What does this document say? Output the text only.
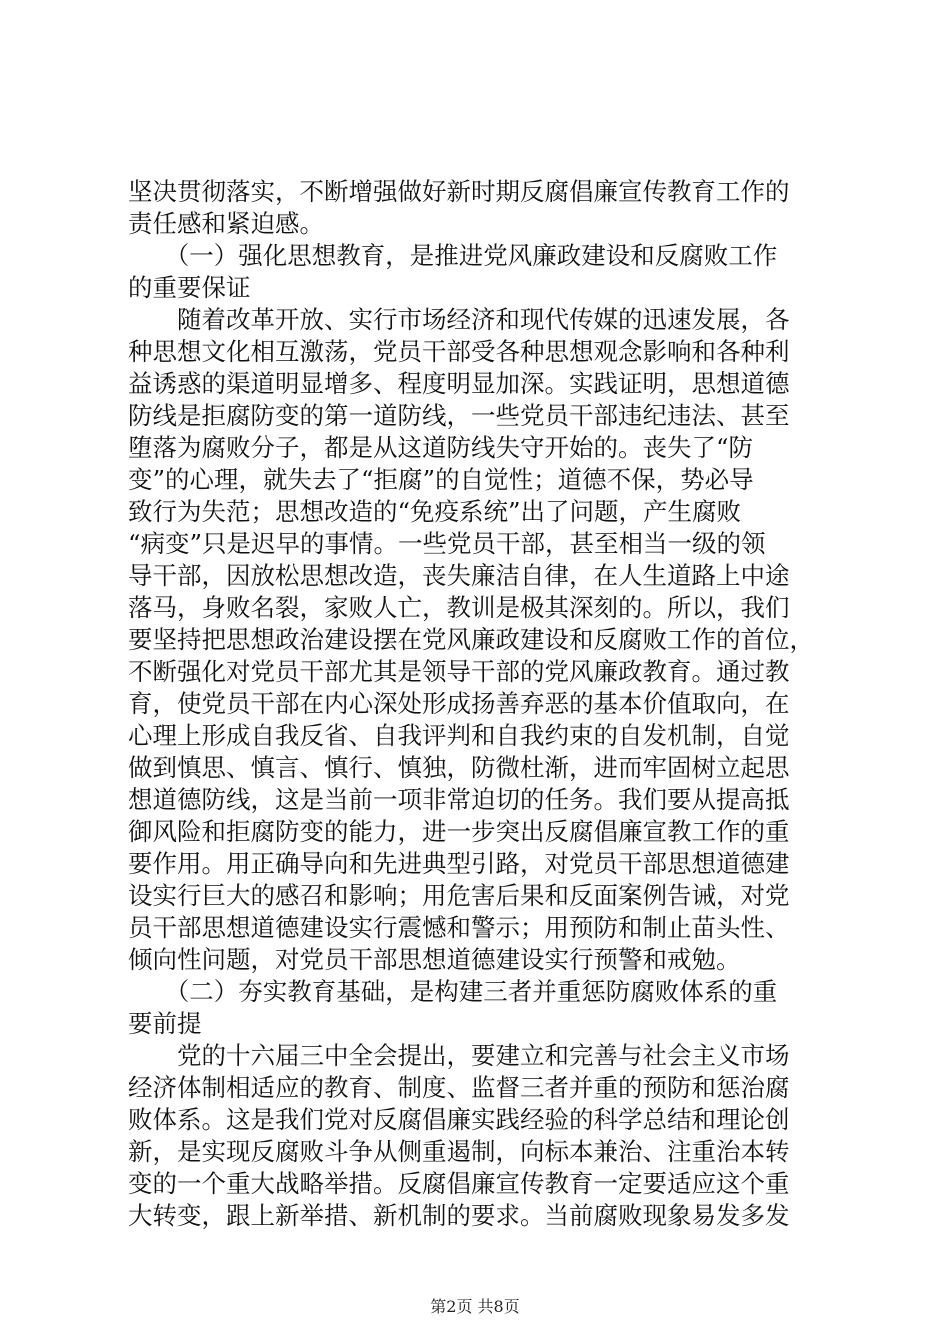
坚决贯彻落实，不断增强做好新时期反腐倡廉宣传教育工作的
责任感和紧迫感。
　　（一）强化思想教育，是推进党风廉政建设和反腐败工作
的重要保证
　　随着改革开放、实行市场经济和现代传媒的迅速发展，各
种思想文化相互激荡，党员干部受各种思想观念影响和各种利
益诱惑的渠道明显增多、程度明显加深。实践证明，思想道德
防线是拒腐防变的第一道防线，一些党员干部违纪违法、甚至
堕落为腐败分子，都是从这道防线失守开始的。丧失了“防
变”的心理，就失去了“拒腐”的自觉性；道德不保，势必导
致行为失范；思想改造的“免疫系统”出了问题，产生腐败
“病变”只是迟早的事情。一些党员干部，甚至相当一级的领
导干部，因放松思想改造，丧失廉洁自律，在人生道路上中途
落马，身败名裂，家败人亡，教训是极其深刻的。所以，我们
要坚持把思想政治建设摆在党风廉政建设和反腐败工作的首位，
不断强化对党员干部尤其是领导干部的党风廉政教育。通过教
育，使党员干部在内心深处形成扬善弃恶的基本价值取向，在
心理上形成自我反省、自我评判和自我约束的自发机制，自觉
做到慎思、慎言、慎行、慎独，防微杜渐，进而牢固树立起思
想道德防线，这是当前一项非常迫切的任务。我们要从提高抵
御风险和拒腐防变的能力，进一步突出反腐倡廉宣教工作的重
要作用。用正确导向和先进典型引路，对党员干部思想道德建
设实行巨大的感召和影响；用危害后果和反面案例告诫，对党
员干部思想道德建设实行震憾和警示；用预防和制止苗头性、
倾向性问题，对党员干部思想道德建设实行预警和戒勉。
　　（二）夯实教育基础，是构建三者并重惩防腐败体系的重
要前提
　　党的十六届三中全会提出，要建立和完善与社会主义市场
经济体制相适应的教育、制度、监督三者并重的预防和惩治腐
败体系。这是我们党对反腐倡廉实践经验的科学总结和理论创
新，是实现反腐败斗争从侧重遏制，向标本兼治、注重治本转
变的一个重大战略举措。反腐倡廉宣传教育一定要适应这个重
大转变，跟上新举措、新机制的要求。当前腐败现象易发多发
第2页 共8页
